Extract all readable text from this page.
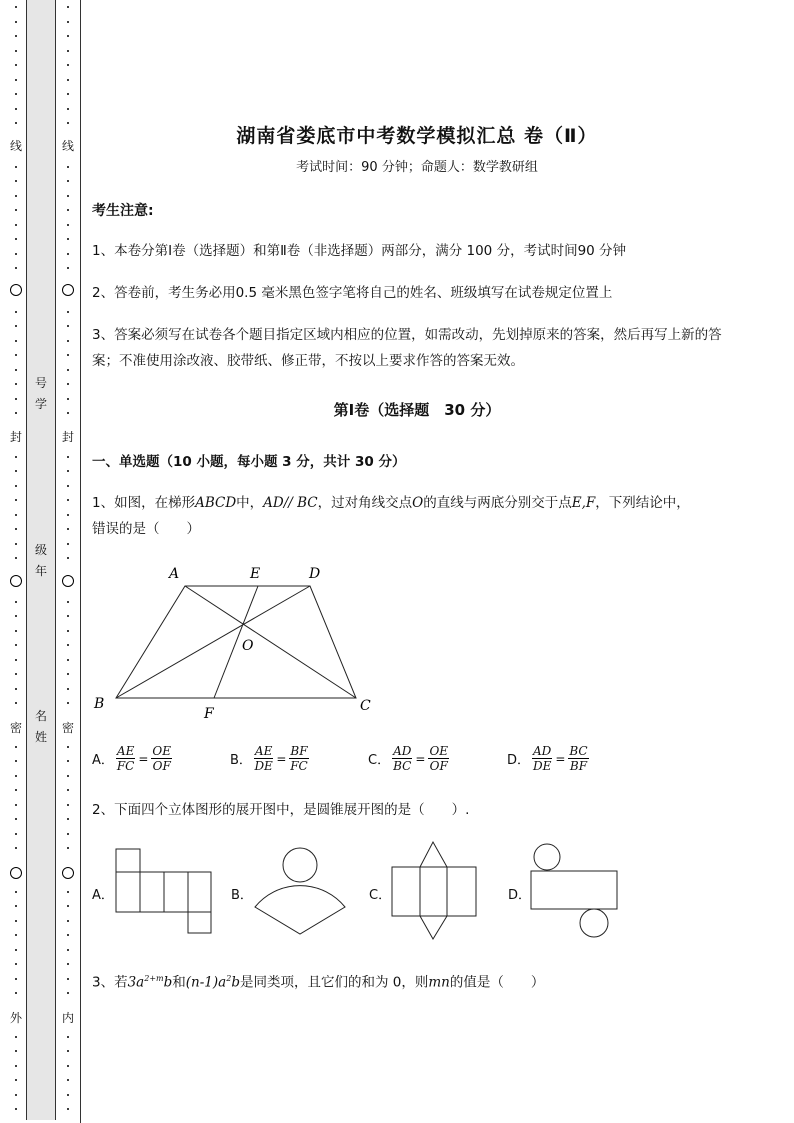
线
封
密
外
号
学
级
年
名
姓
线
封
密
内
湖南省娄底市中考数学模拟汇总 卷（Ⅱ）
考试时间：90 分钟；命题人：数学教研组
考生注意:
1、本卷分第Ⅰ卷（选择题）和第Ⅱ卷（非选择题）两部分，满分 100 分，考试时间90 分钟
2、答卷前，考生务必用0.5 毫米黑色签字笔将自己的姓名、班级填写在试卷规定位置上
3、答案必须写在试卷各个题目指定区域内相应的位置，如需改动，先划掉原来的答案，然后再写上新的答案；不准使用涂改液、胶带纸、修正带，不按以上要求作答的答案无效。
第Ⅰ卷（选择题　30 分）
一、单选题（10 小题，每小题 3 分，共计 30 分）
1、如图，在梯形ABCD中，AD// BC，过对角线交点O的直线与两底分别交于点E,F，下列结论中，
错误的是（　　）
A	E	D
O
B
F	C
A． $\frac{AE}{FC} = \frac{OE}{OF}$	B． $\frac{AE}{DE} = \frac{BF}{FC}$	C． $\frac{AD}{BC} = \frac{OE}{OF}$	D． $\frac{AD}{DE} = \frac{BC}{BF}$
2、下面四个立体图形的展开图中，是圆锥展开图的是（　　）.
A．	B．	C．	D．
3、若$3a^{2+m}b$和$(n-1)a^2b$是同类项，且它们的和为 0，则mn的值是（　　）
